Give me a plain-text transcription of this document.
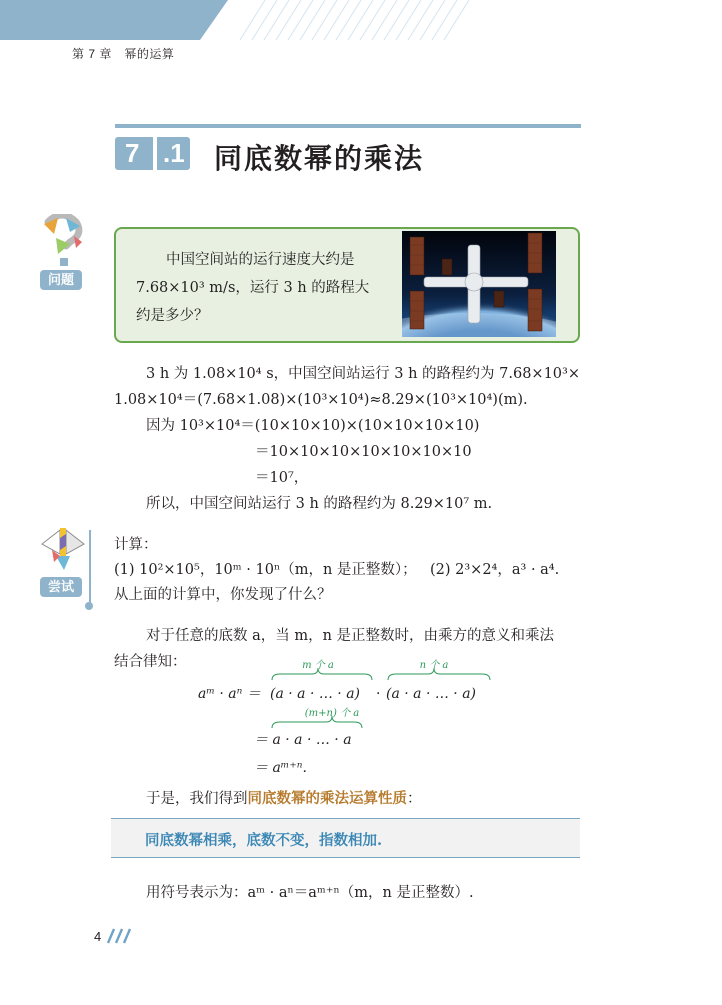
第 7 章　幂的运算
7 .1 同底数幂的乘法
问题
中国空间站的运行速度大约是
7.68×10³ m/s，运行 3 h 的路程大
约是多少？
3 h 为 1.08×10⁴ s，中国空间站运行 3 h 的路程约为 7.68×10³×
1.08×10⁴＝(7.68×1.08)×(10³×10⁴)≈8.29×(10³×10⁴)(m).
因为 10³×10⁴＝(10×10×10)×(10×10×10×10)
＝10×10×10×10×10×10×10
＝10⁷，
所以，中国空间站运行 3 h 的路程约为 8.29×10⁷ m.
尝试
计算：
(1) 10²×10⁵，10ᵐ · 10ⁿ（m，n 是正整数）； (2) 2³×2⁴，a³ · a⁴.
从上面的计算中，你发现了什么？
对于任意的底数 a，当 m，n 是正整数时，由乘方的意义和乘法
结合律知：	m 个 a	n 个 a
(m+n) 个 a
aᵐ · aⁿ ＝ (a · a · … · a) · (a · a · … · a)
＝ a · a · … · a
＝ aᵐ⁺ⁿ.
于是，我们得到同底数幂的乘法运算性质：
同底数幂相乘，底数不变，指数相加.
用符号表示为：aᵐ · aⁿ＝aᵐ⁺ⁿ（m，n 是正整数）.
4
